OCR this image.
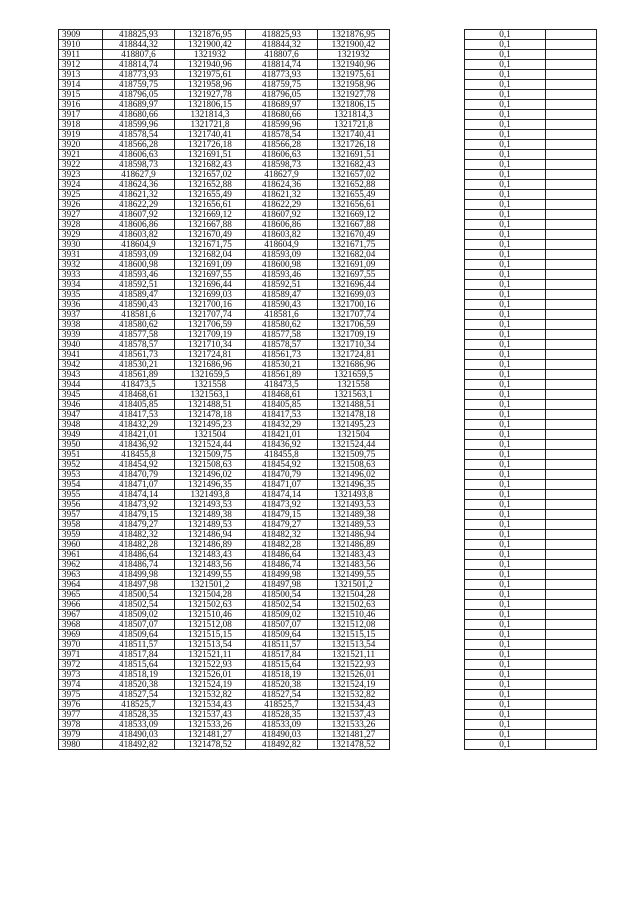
3909	418825,93	1321876,95	418825,93	1321876,95		0,1	
3910	418844,32	1321900,42	418844,32	1321900,42		0,1	
3911	418807,6	1321932	418807,6	1321932		0,1	
3912	418814,74	1321940,96	418814,74	1321940,96		0,1	
3913	418773,93	1321975,61	418773,93	1321975,61		0,1	
3914	418759,75	1321958,96	418759,75	1321958,96		0,1	
3915	418796,05	1321927,78	418796,05	1321927,78		0,1	
3916	418689,97	1321806,15	418689,97	1321806,15		0,1	
3917	418680,66	1321814,3	418680,66	1321814,3		0,1	
3918	418599,96	1321721,8	418599,96	1321721,8		0,1	
3919	418578,54	1321740,41	418578,54	1321740,41		0,1	
3920	418566,28	1321726,18	418566,28	1321726,18		0,1	
3921	418606,63	1321691,51	418606,63	1321691,51		0,1	
3922	418598,73	1321682,43	418598,73	1321682,43		0,1	
3923	418627,9	1321657,02	418627,9	1321657,02		0,1	
3924	418624,36	1321652,88	418624,36	1321652,88		0,1	
3925	418621,32	1321655,49	418621,32	1321655,49		0,1	
3926	418622,29	1321656,61	418622,29	1321656,61		0,1	
3927	418607,92	1321669,12	418607,92	1321669,12		0,1	
3928	418606,86	1321667,88	418606,86	1321667,88		0,1	
3929	418603,82	1321670,49	418603,82	1321670,49		0,1	
3930	418604,9	1321671,75	418604,9	1321671,75		0,1	
3931	418593,09	1321682,04	418593,09	1321682,04		0,1	
3932	418600,98	1321691,09	418600,98	1321691,09		0,1	
3933	418593,46	1321697,55	418593,46	1321697,55		0,1	
3934	418592,51	1321696,44	418592,51	1321696,44		0,1	
3935	418589,47	1321699,03	418589,47	1321699,03		0,1	
3936	418590,43	1321700,16	418590,43	1321700,16		0,1	
3937	418581,6	1321707,74	418581,6	1321707,74		0,1	
3938	418580,62	1321706,59	418580,62	1321706,59		0,1	
3939	418577,58	1321709,19	418577,58	1321709,19		0,1	
3940	418578,57	1321710,34	418578,57	1321710,34		0,1	
3941	418561,73	1321724,81	418561,73	1321724,81		0,1	
3942	418530,21	1321686,96	418530,21	1321686,96		0,1	
3943	418561,89	1321659,5	418561,89	1321659,5		0,1	
3944	418473,5	1321558	418473,5	1321558		0,1	
3945	418468,61	1321563,1	418468,61	1321563,1		0,1	
3946	418405,85	1321488,51	418405,85	1321488,51		0,1	
3947	418417,53	1321478,18	418417,53	1321478,18		0,1	
3948	418432,29	1321495,23	418432,29	1321495,23		0,1	
3949	418421,01	1321504	418421,01	1321504		0,1	
3950	418436,92	1321524,44	418436,92	1321524,44		0,1	
3951	418455,8	1321509,75	418455,8	1321509,75		0,1	
3952	418454,92	1321508,63	418454,92	1321508,63		0,1	
3953	418470,79	1321496,02	418470,79	1321496,02		0,1	
3954	418471,07	1321496,35	418471,07	1321496,35		0,1	
3955	418474,14	1321493,8	418474,14	1321493,8		0,1	
3956	418473,92	1321493,53	418473,92	1321493,53		0,1	
3957	418479,15	1321489,38	418479,15	1321489,38		0,1	
3958	418479,27	1321489,53	418479,27	1321489,53		0,1	
3959	418482,32	1321486,94	418482,32	1321486,94		0,1	
3960	418482,28	1321486,89	418482,28	1321486,89		0,1	
3961	418486,64	1321483,43	418486,64	1321483,43		0,1	
3962	418486,74	1321483,56	418486,74	1321483,56		0,1	
3963	418499,98	1321499,55	418499,98	1321499,55		0,1	
3964	418497,98	1321501,2	418497,98	1321501,2		0,1	
3965	418500,54	1321504,28	418500,54	1321504,28		0,1	
3966	418502,54	1321502,63	418502,54	1321502,63		0,1	
3967	418509,02	1321510,46	418509,02	1321510,46		0,1	
3968	418507,07	1321512,08	418507,07	1321512,08		0,1	
3969	418509,64	1321515,15	418509,64	1321515,15		0,1	
3970	418511,57	1321513,54	418511,57	1321513,54		0,1	
3971	418517,84	1321521,11	418517,84	1321521,11		0,1	
3972	418515,64	1321522,93	418515,64	1321522,93		0,1	
3973	418518,19	1321526,01	418518,19	1321526,01		0,1	
3974	418520,38	1321524,19	418520,38	1321524,19		0,1	
3975	418527,54	1321532,82	418527,54	1321532,82		0,1	
3976	418525,7	1321534,43	418525,7	1321534,43		0,1	
3977	418528,35	1321537,43	418528,35	1321537,43		0,1	
3978	418533,09	1321533,26	418533,09	1321533,26		0,1	
3979	418490,03	1321481,27	418490,03	1321481,27		0,1	
3980	418492,82	1321478,52	418492,82	1321478,52		0,1	
